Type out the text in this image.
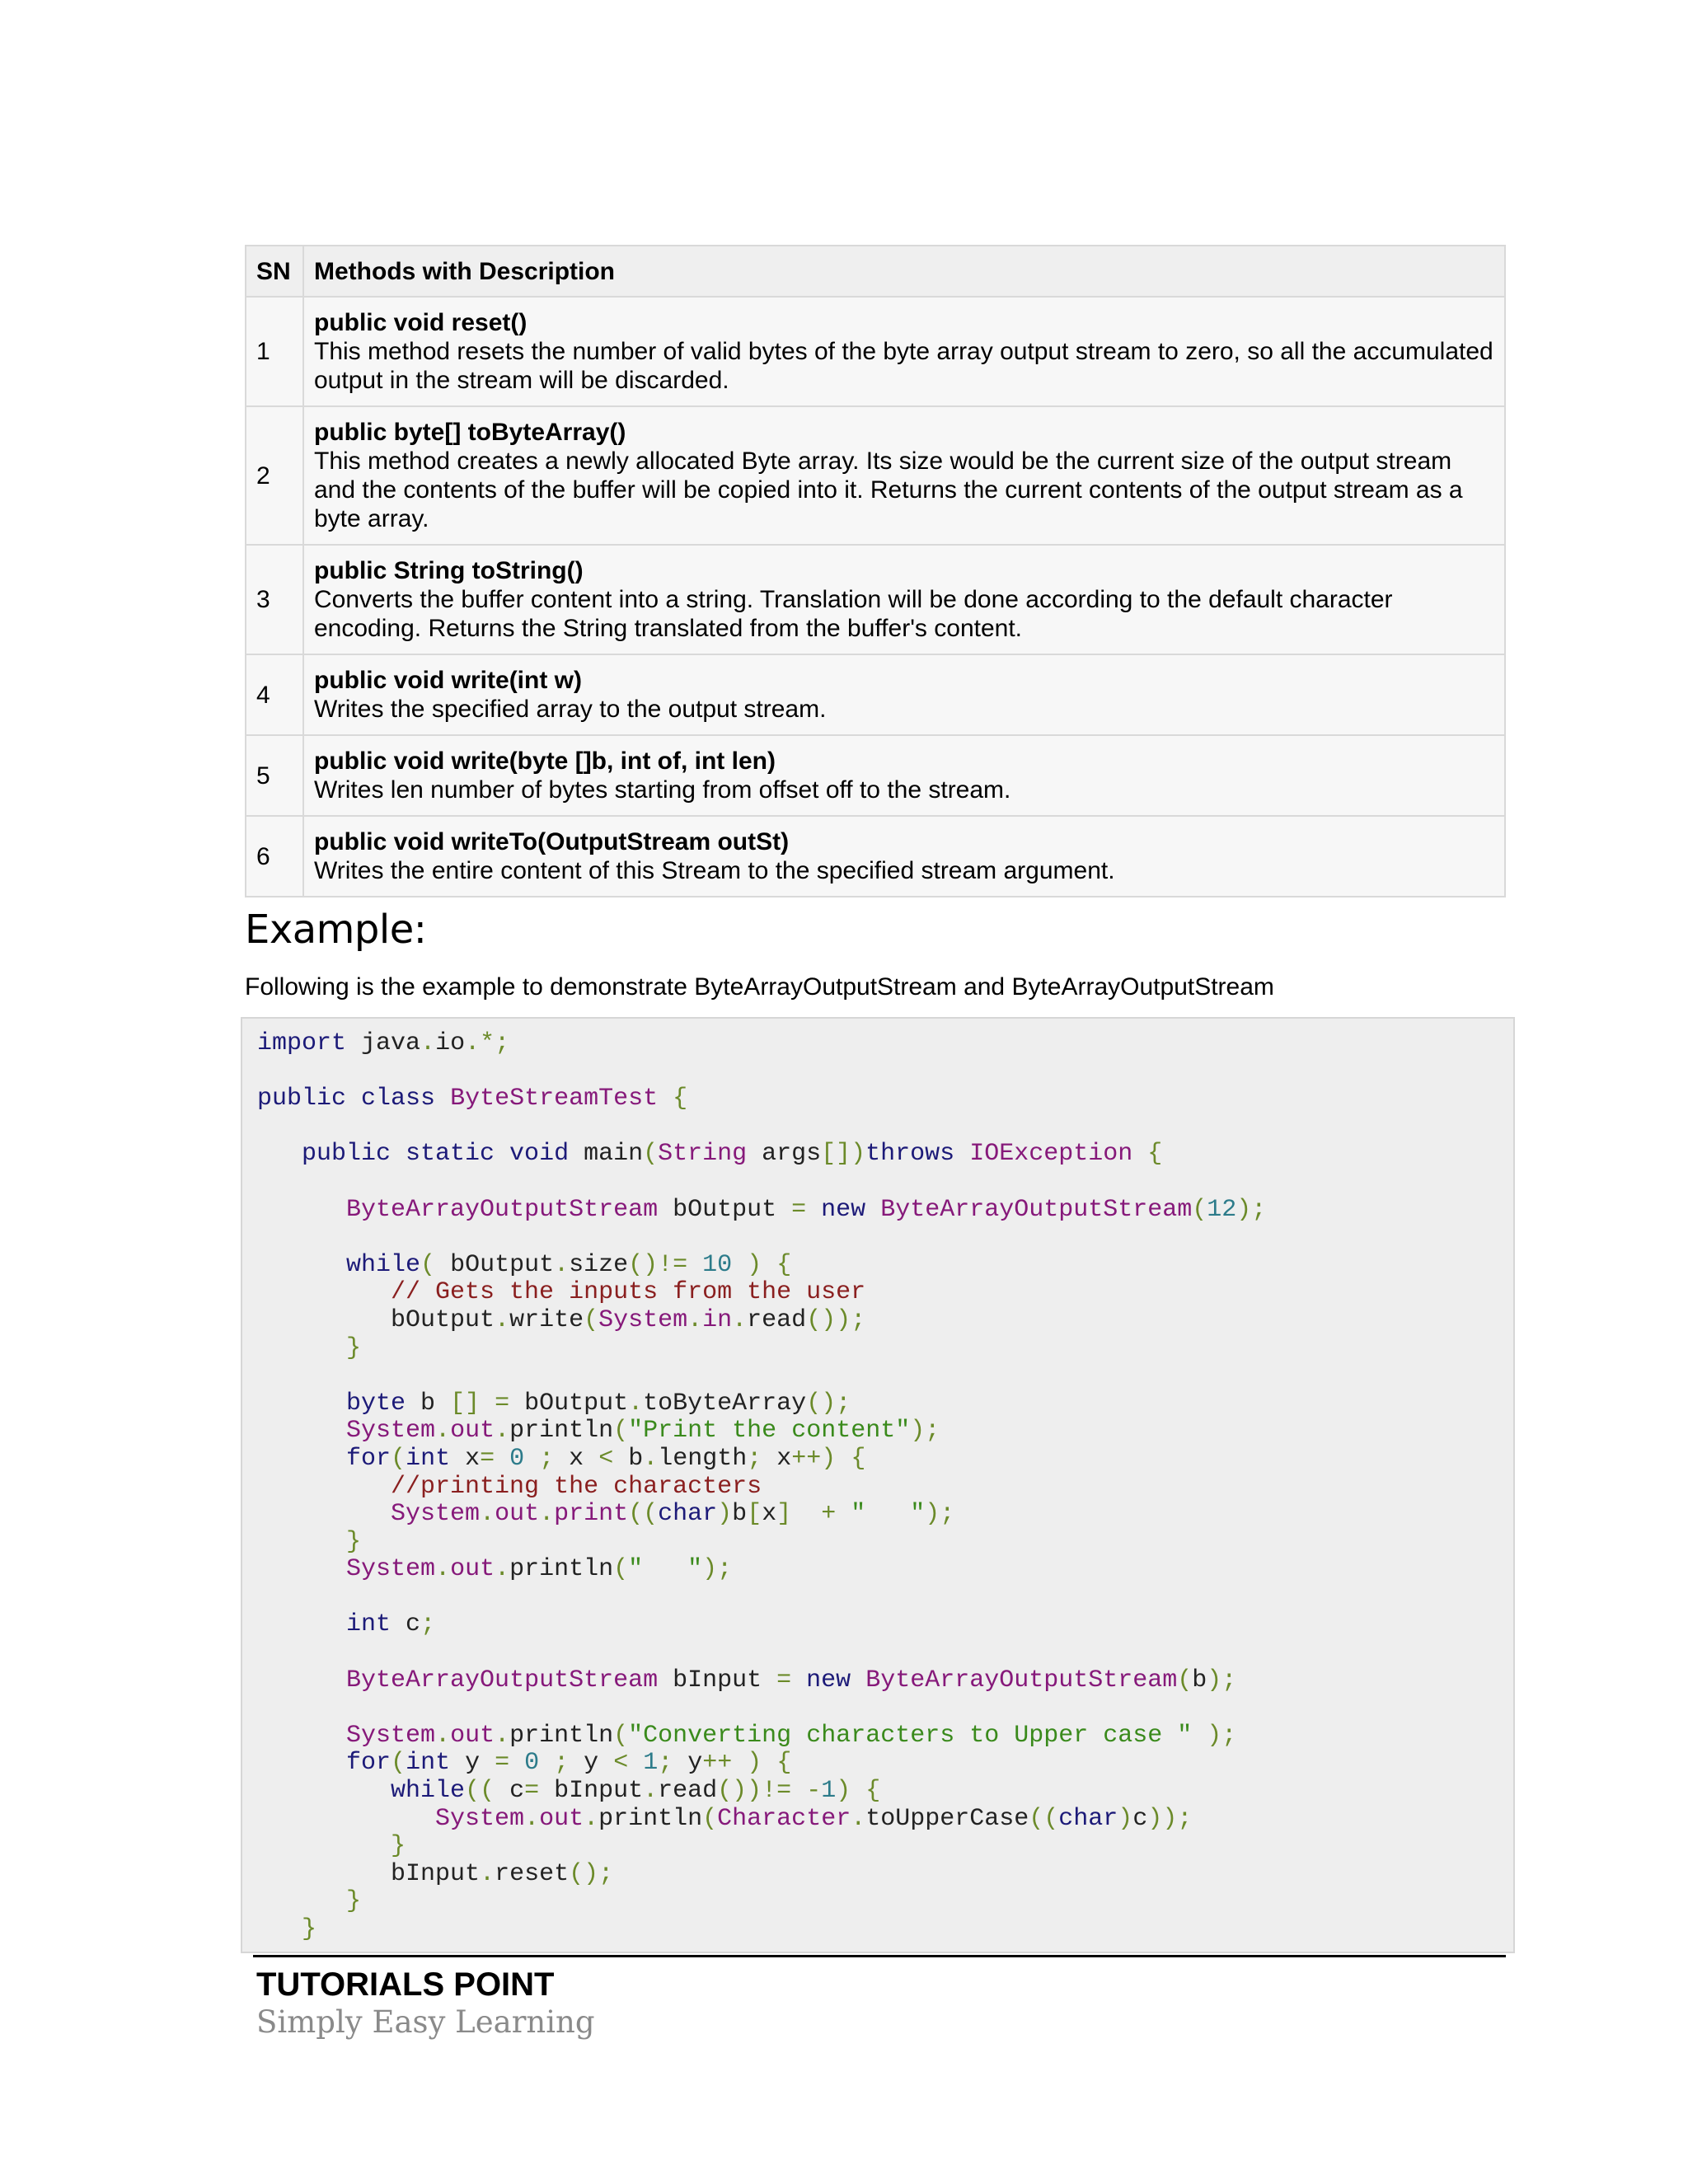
SN	Methods with Description
1	public void reset()
This method resets the number of valid bytes of the byte array output stream to zero, so all the accumulated output in the stream will be discarded.

2	public byte[] toByteArray()
This method creates a newly allocated Byte array. Its size would be the current size of the output stream and the contents of the buffer will be copied into it. Returns the current contents of the output stream as a byte array.

3	public String toString()
Converts the buffer content into a string. Translation will be done according to the default character encoding. Returns the String translated from the buffer's content.

4	public void write(int w)
Writes the specified array to the output stream.

5	public void write(byte []b, int of, int len)
Writes len number of bytes starting from offset off to the stream.

6	public void writeTo(OutputStream outSt)
Writes the entire content of this Stream to the specified stream argument.
Example:
Following is the example to demonstrate ByteArrayOutputStream and ByteArrayOutputStream
import java.io.*;

public class ByteStreamTest {

public static void main(String args[])throws IOException {

ByteArrayOutputStream bOutput = new ByteArrayOutputStream(12);

while( bOutput.size()!= 10 ) {
// Gets the inputs from the user
bOutput.write(System.in.read());
}

byte b [] = bOutput.toByteArray();
System.out.println("Print the content");
for(int x= 0 ; x < b.length; x++) {
//printing the characters
System.out.print((char)b[x] + "   ");
}
System.out.println("   ");

int c;

ByteArrayOutputStream bInput = new ByteArrayOutputStream(b);

System.out.println("Converting characters to Upper case " );
for(int y = 0 ; y < 1; y++ ) {
while(( c= bInput.read())!= -1) {
System.out.println(Character.toUpperCase((char)c));
}
bInput.reset();
}
}
TUTORIALS POINT
Simply Easy Learning
